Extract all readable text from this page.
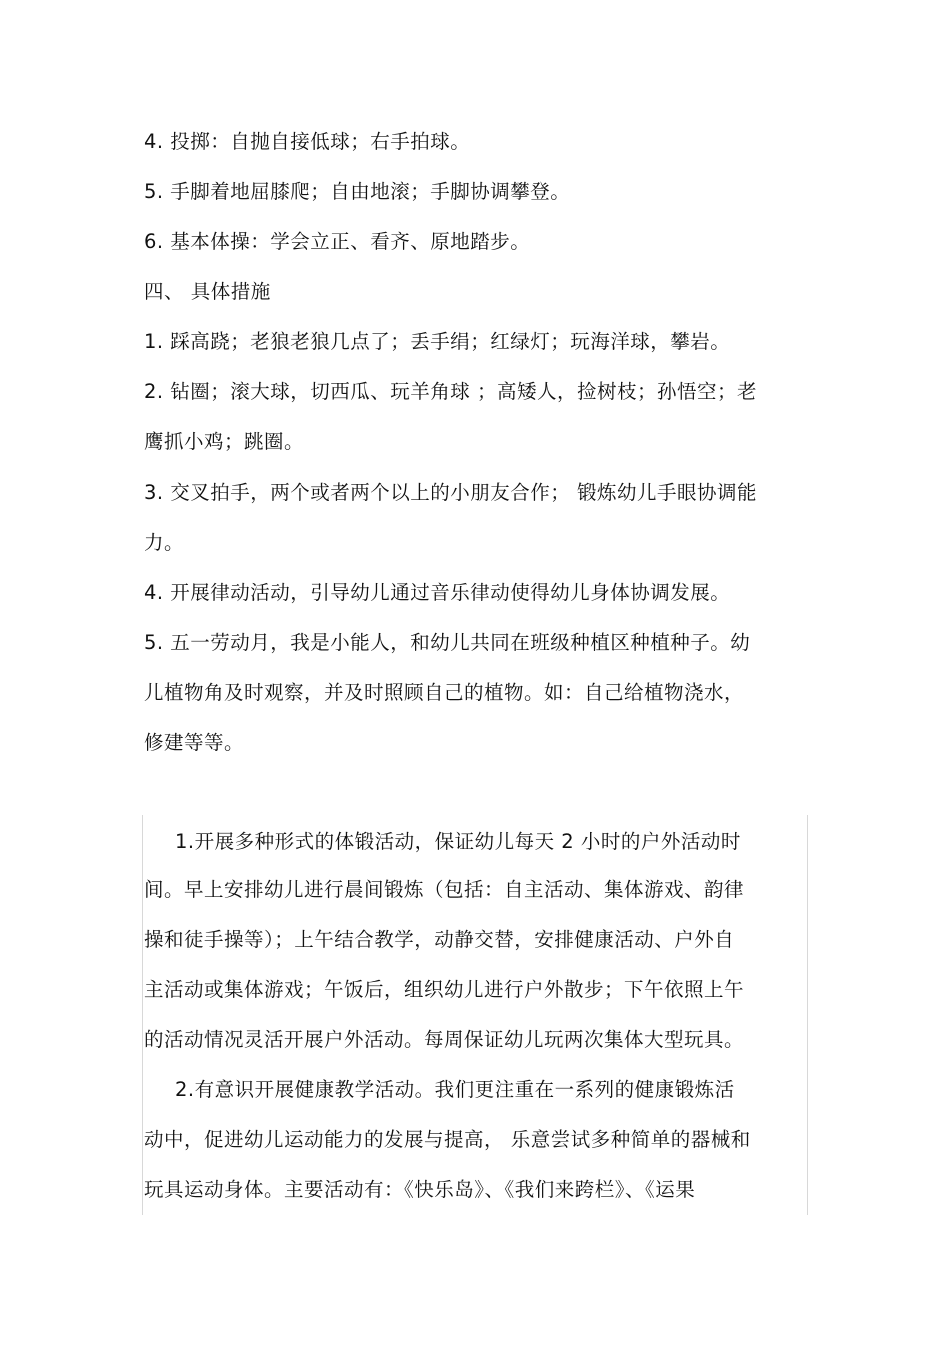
4. 投掷：自抛自接低球；右手拍球。
5. 手脚着地屈膝爬；自由地滚；手脚协调攀登。
6. 基本体操：学会立正、看齐、原地踏步。
四、 具体措施
1. 踩高跷；老狼老狼几点了；丢手绢；红绿灯；玩海洋球，攀岩。
2. 钻圈；滚大球，切西瓜、玩羊角球 ；高矮人，捡树枝；孙悟空；老
鹰抓小鸡；跳圈。
3. 交叉拍手，两个或者两个以上的小朋友合作； 锻炼幼儿手眼协调能
力。
4. 开展律动活动，引导幼儿通过音乐律动使得幼儿身体协调发展。
5. 五一劳动月，我是小能人，和幼儿共同在班级种植区种植种子。幼
儿植物角及时观察，并及时照顾自己的植物。如：自己给植物浇水，
修建等等。
1.开展多种形式的体锻活动，保证幼儿每天 2 小时的户外活动时
间。早上安排幼儿进行晨间锻炼（包括：自主活动、集体游戏、韵律
操和徒手操等）；上午结合教学，动静交替，安排健康活动、户外自
主活动或集体游戏；午饭后，组织幼儿进行户外散步；下午依照上午
的活动情况灵活开展户外活动。每周保证幼儿玩两次集体大型玩具。
2.有意识开展健康教学活动。我们更注重在一系列的健康锻炼活
动中，促进幼儿运动能力的发展与提高， 乐意尝试多种简单的器械和
玩具运动身体。主要活动有：《快乐岛》、《我们来跨栏》、《运果
